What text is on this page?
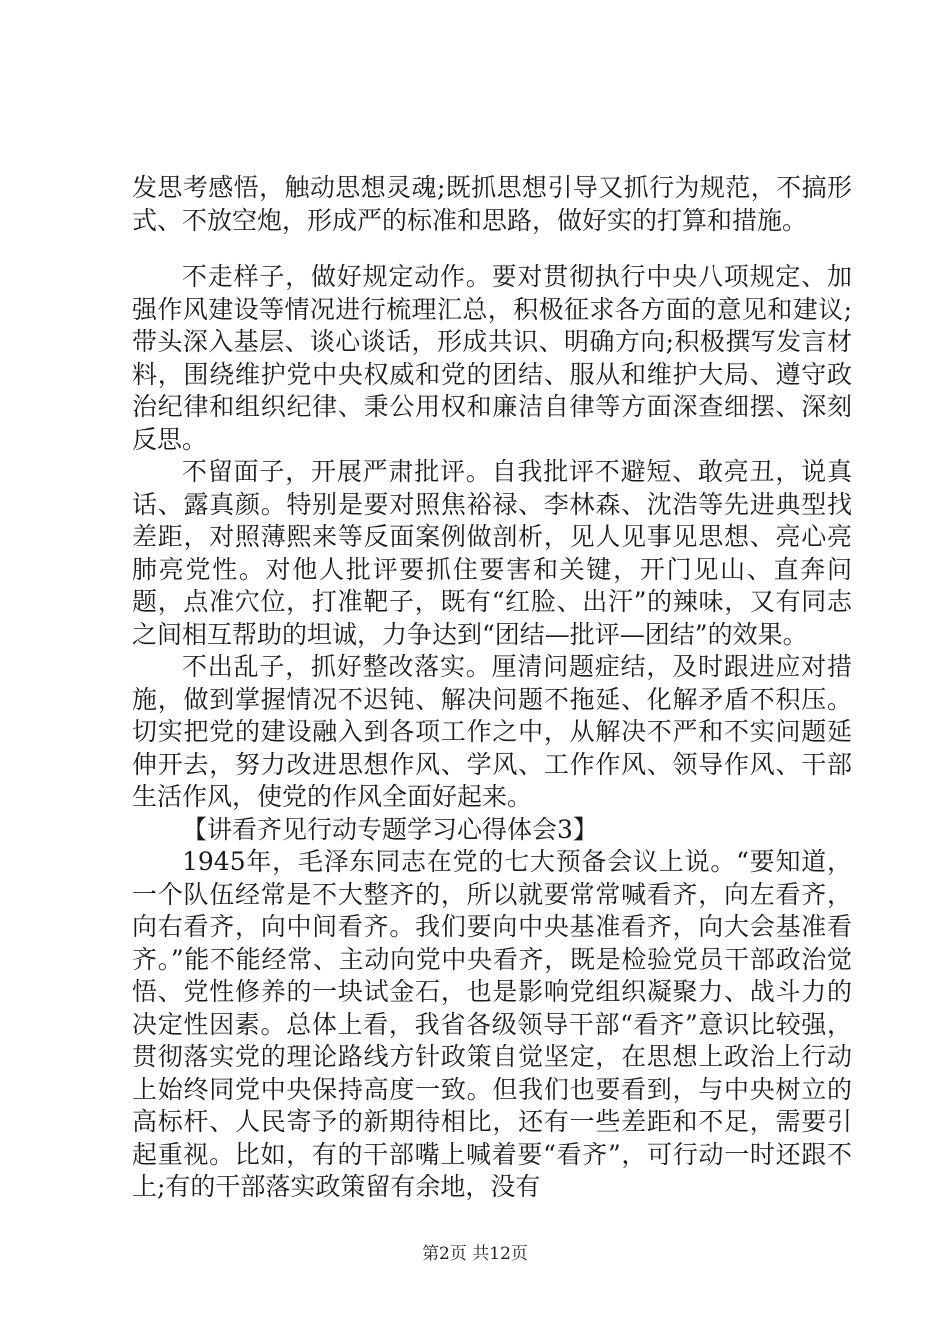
发思考感悟，触动思想灵魂;既抓思想引导又抓行为规范，不搞形式、不放空炮，形成严的标准和思路，做好实的打算和措施。

不走样子，做好规定动作。要对贯彻执行中央八项规定、加强作风建设等情况进行梳理汇总，积极征求各方面的意见和建议;带头深入基层、谈心谈话，形成共识、明确方向;积极撰写发言材料，围绕维护党中央权威和党的团结、服从和维护大局、遵守政治纪律和组织纪律、秉公用权和廉洁自律等方面深查细摆、深刻反思。

不留面子，开展严肃批评。自我批评不避短、敢亮丑，说真话、露真颜。特别是要对照焦裕禄、李林森、沈浩等先进典型找差距，对照薄熙来等反面案例做剖析，见人见事见思想、亮心亮肺亮党性。对他人批评要抓住要害和关键，开门见山、直奔问题，点准穴位，打准靶子，既有“红脸、出汗”的辣味，又有同志之间相互帮助的坦诚，力争达到“团结—批评—团结”的效果。

不出乱子，抓好整改落实。厘清问题症结，及时跟进应对措施，做到掌握情况不迟钝、解决问题不拖延、化解矛盾不积压。切实把党的建设融入到各项工作之中，从解决不严和不实问题延伸开去，努力改进思想作风、学风、工作作风、领导作风、干部生活作风，使党的作风全面好起来。

【讲看齐见行动专题学习心得体会3】

1945年，毛泽东同志在党的七大预备会议上说。“要知道，一个队伍经常是不大整齐的，所以就要常常喊看齐，向左看齐，向右看齐，向中间看齐。我们要向中央基准看齐，向大会基准看齐。”能不能经常、主动向党中央看齐，既是检验党员干部政治觉悟、党性修养的一块试金石，也是影响党组织凝聚力、战斗力的决定性因素。总体上看，我省各级领导干部“看齐”意识比较强，贯彻落实党的理论路线方针政策自觉坚定，在思想上政治上行动上始终同党中央保持高度一致。但我们也要看到，与中央树立的高标杆、人民寄予的新期待相比，还有一些差距和不足，需要引起重视。比如，有的干部嘴上喊着要“看齐”，可行动一时还跟不上;有的干部落实政策留有余地，没有

第2页 共12页
